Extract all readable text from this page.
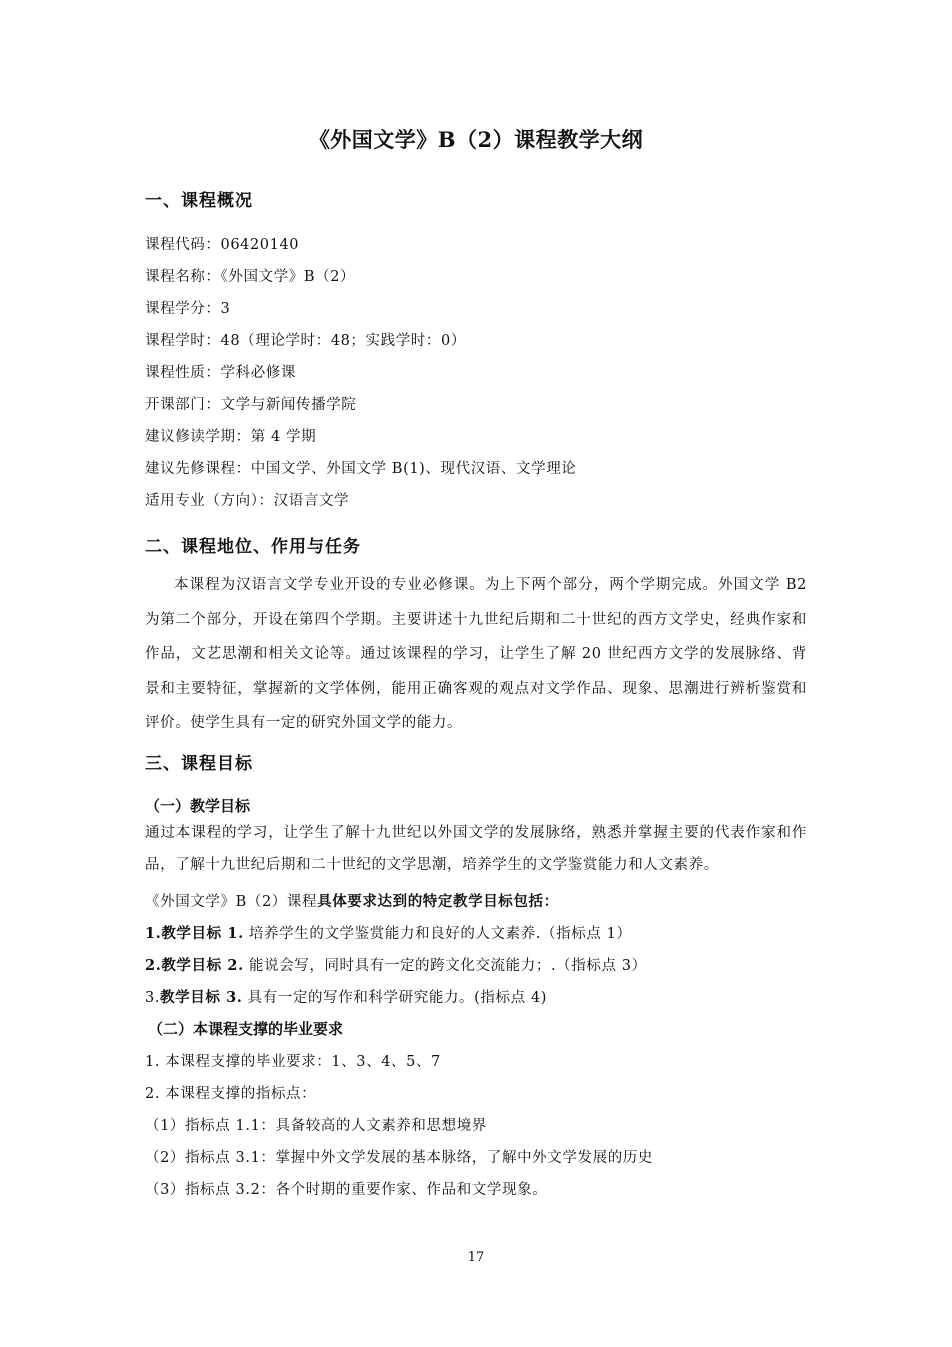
《外国文学》B（2）课程教学大纲
一、课程概况
课程代码：06420140
课程名称：《外国文学》B（2）
课程学分：3
课程学时：48（理论学时：48；实践学时：0）
课程性质：学科必修课
开课部门：文学与新闻传播学院
建议修读学期：第 4 学期
建议先修课程：中国文学、外国文学 B(1)、现代汉语、文学理论
适用专业（方向）：汉语言文学
二、课程地位、作用与任务
本课程为汉语言文学专业开设的专业必修课。为上下两个部分，两个学期完成。外国文学 B2 为第二个部分，开设在第四个学期。主要讲述十九世纪后期和二十世纪的西方文学史，经典作家和作品，文艺思潮和相关文论等。通过该课程的学习，让学生了解 20 世纪西方文学的发展脉络、背景和主要特征，掌握新的文学体例，能用正确客观的观点对文学作品、现象、思潮进行辨析鉴赏和评价。使学生具有一定的研究外国文学的能力。
三、课程目标
（一）教学目标
通过本课程的学习，让学生了解十九世纪以外国文学的发展脉络，熟悉并掌握主要的代表作家和作品，了解十九世纪后期和二十世纪的文学思潮，培养学生的文学鉴赏能力和人文素养。
《外国文学》B（2）课程具体要求达到的特定教学目标包括：
1.教学目标 1. 培养学生的文学鉴赏能力和良好的人文素养.（指标点 1）
2.教学目标 2. 能说会写，同时具有一定的跨文化交流能力；.（指标点 3）
3.教学目标 3. 具有一定的写作和科学研究能力。(指标点 4)
（二）本课程支撑的毕业要求
1. 本课程支撑的毕业要求：1、3、4、5、7
2. 本课程支撑的指标点：
（1）指标点 1.1：具备较高的人文素养和思想境界
（2）指标点 3.1：掌握中外文学发展的基本脉络，了解中外文学发展的历史
（3）指标点 3.2：各个时期的重要作家、作品和文学现象。
17
